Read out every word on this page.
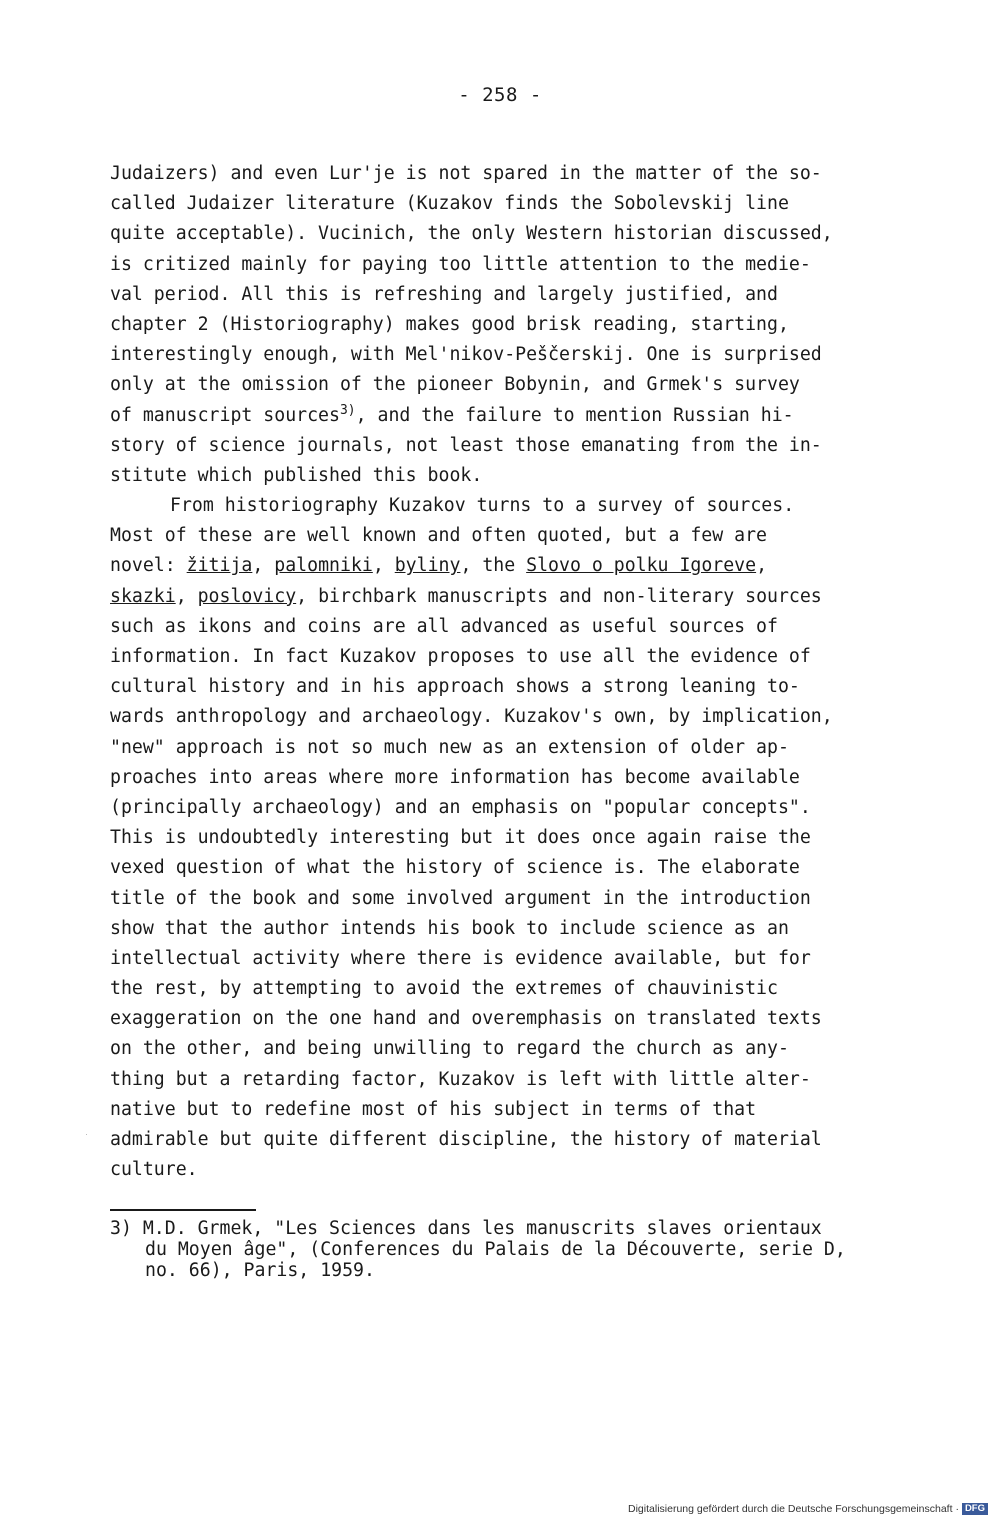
- 258 -
Judaizers) and even Lur'je is not spared in the matter of the so-
called Judaizer literature (Kuzakov finds the Sobolevskij line
quite acceptable). Vucinich, the only Western historian discussed,
is critized mainly for paying too little attention to the medie-
val period. All this is refreshing and largely justified, and
chapter 2 (Historiography) makes good brisk reading, starting,
interestingly enough, with Mel'nikov-Peščerskij. One is surprised
only at the omission of the pioneer Bobynin, and Grmek's survey
of manuscript sources$^{3)}$, and the failure to mention Russian hi-
story of science journals, not least those emanating from the in-
stitute which published this book.
From historiography Kuzakov turns to a survey of sources.
Most of these are well known and often quoted, but a few are
novel: žitija, palomniki, byliny, the Slovo o polku Igoreve,
skazki, poslovicy, birchbark manuscripts and non-literary sources
such as ikons and coins are all advanced as useful sources of
information. In fact Kuzakov proposes to use all the evidence of
cultural history and in his approach shows a strong leaning to-
wards anthropology and archaeology. Kuzakov's own, by implication,
"new" approach is not so much new as an extension of older ap-
proaches into areas where more information has become available
(principally archaeology) and an emphasis on "popular concepts".
This is undoubtedly interesting but it does once again raise the
vexed question of what the history of science is. The elaborate
title of the book and some involved argument in the introduction
show that the author intends his book to include science as an
intellectual activity where there is evidence available, but for
the rest, by attempting to avoid the extremes of chauvinistic
exaggeration on the one hand and overemphasis on translated texts
on the other, and being unwilling to regard the church as any-
thing but a retarding factor, Kuzakov is left with little alter-
native but to redefine most of his subject in terms of that
admirable but quite different discipline, the history of material
culture.
3) M.D. Grmek, "Les Sciences dans les manuscrits slaves orientaux
du Moyen âge", (Conferences du Palais de la Découverte, serie D,
no. 66), Paris, 1959.
Digitalisierung gefördert durch die Deutsche Forschungsgemeinschaft · DFG
